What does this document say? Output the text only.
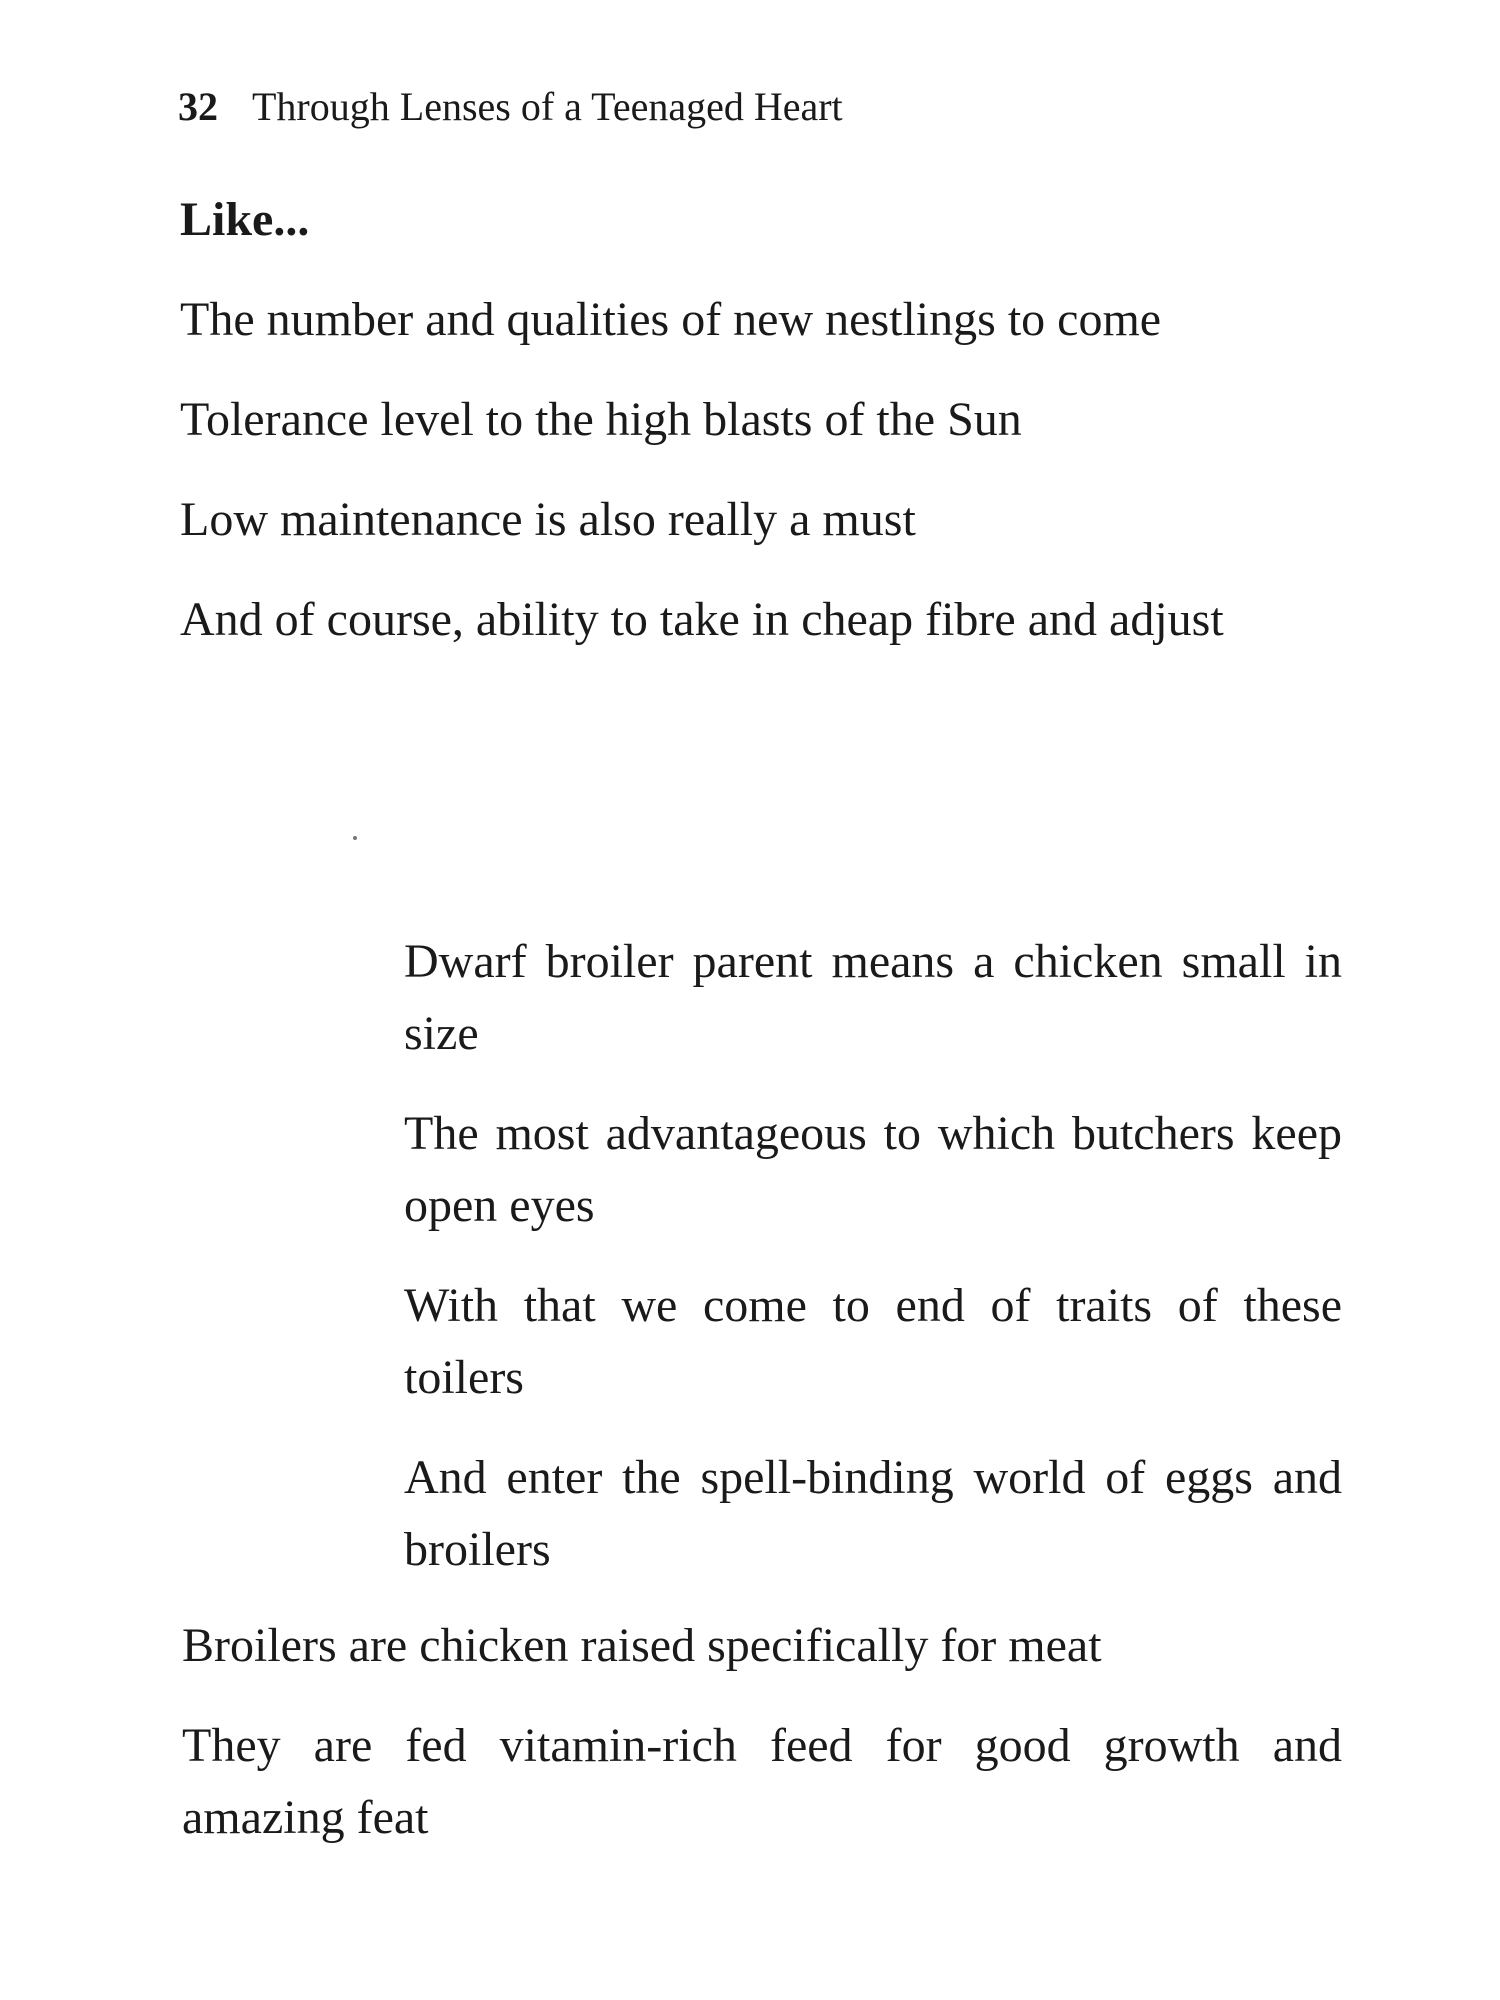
32 Through Lenses of a Teenaged Heart
Like...

The number and qualities of new nestlings to come

Tolerance level to the high blasts of the Sun

Low maintenance is also really a must

And of course, ability to take in cheap fibre and adjust

Dwarf broiler parent means a chicken small in size

The most advantageous to which butchers keep open eyes

With that we come to end of traits of these toilers

And enter the spell-binding world of eggs and broilers

Broilers are chicken raised specifically for meat

They are fed vitamin-rich feed for good growth and amazing feat
